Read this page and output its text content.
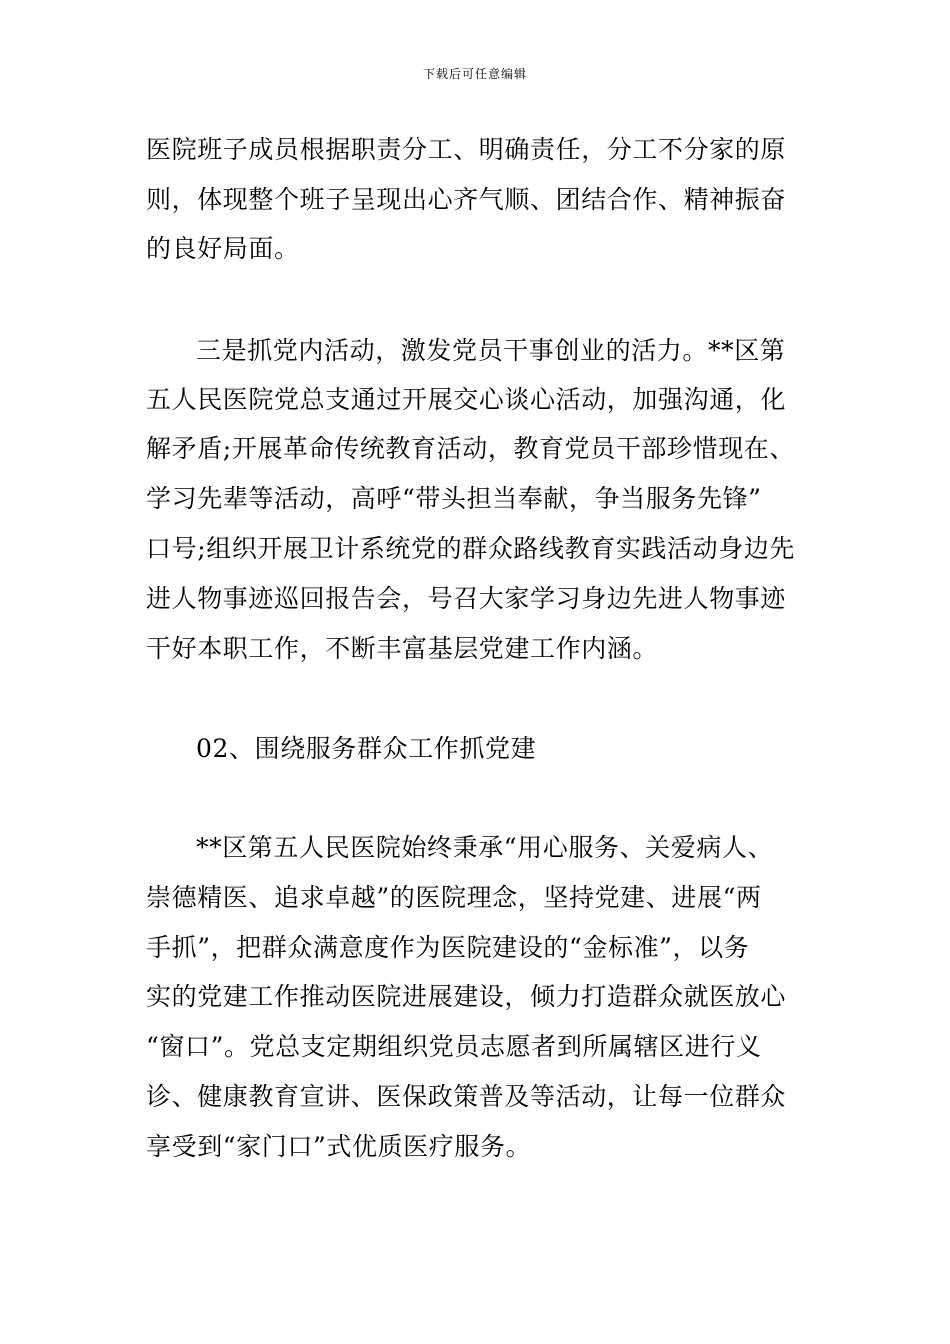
下载后可任意编辑
医院班子成员根据职责分工、明确责任，分工不分家的原
则，体现整个班子呈现出心齐气顺、团结合作、精神振奋
的良好局面。
三是抓党内活动，激发党员干事创业的活力。**区第
五人民医院党总支通过开展交心谈心活动，加强沟通，化
解矛盾;开展革命传统教育活动，教育党员干部珍惜现在、
学习先辈等活动，高呼“带头担当奉献，争当服务先锋”
口号;组织开展卫计系统党的群众路线教育实践活动身边先
进人物事迹巡回报告会，号召大家学习身边先进人物事迹
干好本职工作，不断丰富基层党建工作内涵。
02、围绕服务群众工作抓党建
**区第五人民医院始终秉承“用心服务、关爱病人、
崇德精医、追求卓越”的医院理念，坚持党建、进展“两
手抓”，把群众满意度作为医院建设的“金标准”，以务
实的党建工作推动医院进展建设，倾力打造群众就医放心
“窗口”。党总支定期组织党员志愿者到所属辖区进行义
诊、健康教育宣讲、医保政策普及等活动，让每一位群众
享受到“家门口”式优质医疗服务。
